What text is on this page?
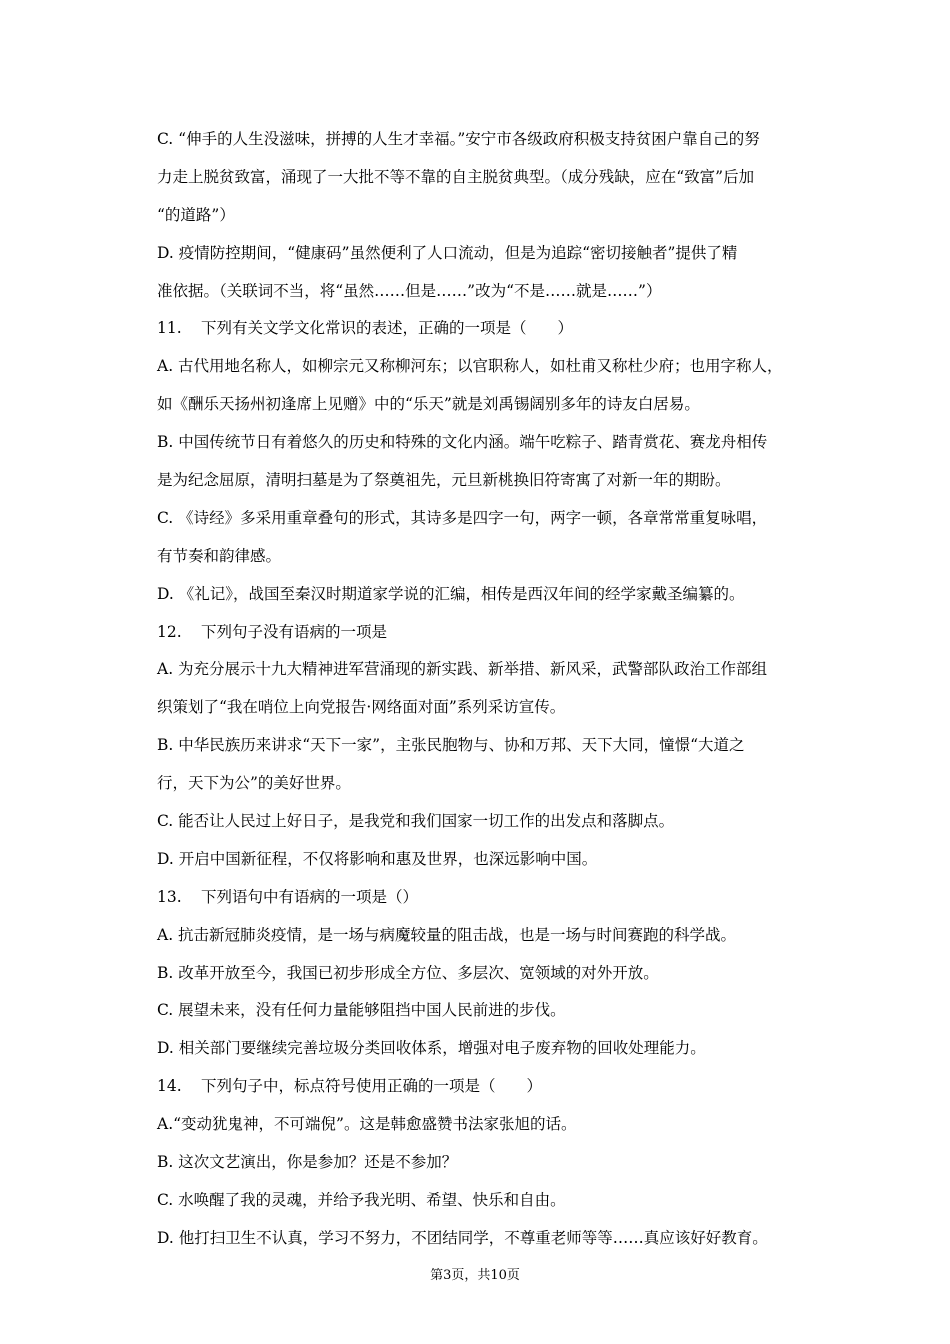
C. “伸手的人生没滋味，拼搏的人生才幸福。”安宁市各级政府积极支持贫困户靠自己的努
力走上脱贫致富，涌现了一大批不等不靠的自主脱贫典型。（成分残缺，应在“致富”后加
“的道路”）
D. 疫情防控期间，“健康码”虽然便利了人口流动，但是为追踪“密切接触者”提供了精
准依据。（关联词不当，将“虽然……但是……”改为“不是……就是……”）
11. 下列有关文学文化常识的表述，正确的一项是（　　）
A. 古代用地名称人，如柳宗元又称柳河东；以官职称人，如杜甫又称杜少府；也用字称人，
如《酬乐天扬州初逢席上见赠》中的“乐天”就是刘禹锡阔别多年的诗友白居易。
B. 中国传统节日有着悠久的历史和特殊的文化内涵。端午吃粽子、踏青赏花、赛龙舟相传
是为纪念屈原，清明扫墓是为了祭奠祖先，元旦新桃换旧符寄寓了对新一年的期盼。
C. 《诗经》多采用重章叠句的形式，其诗多是四字一句，两字一顿，各章常常重复咏唱，
有节奏和韵律感。
D. 《礼记》，战国至秦汉时期道家学说的汇编，相传是西汉年间的经学家戴圣编纂的。
12. 下列句子没有语病的一项是
A. 为充分展示十九大精神进军营涌现的新实践、新举措、新风采，武警部队政治工作部组
织策划了“我在哨位上向党报告·网络面对面”系列采访宣传。
B. 中华民族历来讲求“天下一家”，主张民胞物与、协和万邦、天下大同，憧憬“大道之
行，天下为公”的美好世界。
C. 能否让人民过上好日子，是我党和我们国家一切工作的出发点和落脚点。
D. 开启中国新征程，不仅将影响和惠及世界，也深远影响中国。
13. 下列语句中有语病的一项是（）
A. 抗击新冠肺炎疫情，是一场与病魔较量的阻击战，也是一场与时间赛跑的科学战。
B. 改革开放至今，我国已初步形成全方位、多层次、宽领域的对外开放。
C. 展望未来，没有任何力量能够阻挡中国人民前进的步伐。
D. 相关部门要继续完善垃圾分类回收体系，增强对电子废弃物的回收处理能力。
14. 下列句子中，标点符号使用正确的一项是（　　）
A.“变动犹鬼神，不可端倪”。这是韩愈盛赞书法家张旭的话。
B. 这次文艺演出，你是参加？还是不参加？
C. 水唤醒了我的灵魂，并给予我光明、希望、快乐和自由。
D. 他打扫卫生不认真，学习不努力，不团结同学，不尊重老师等等……真应该好好教育。
第3页，共10页
